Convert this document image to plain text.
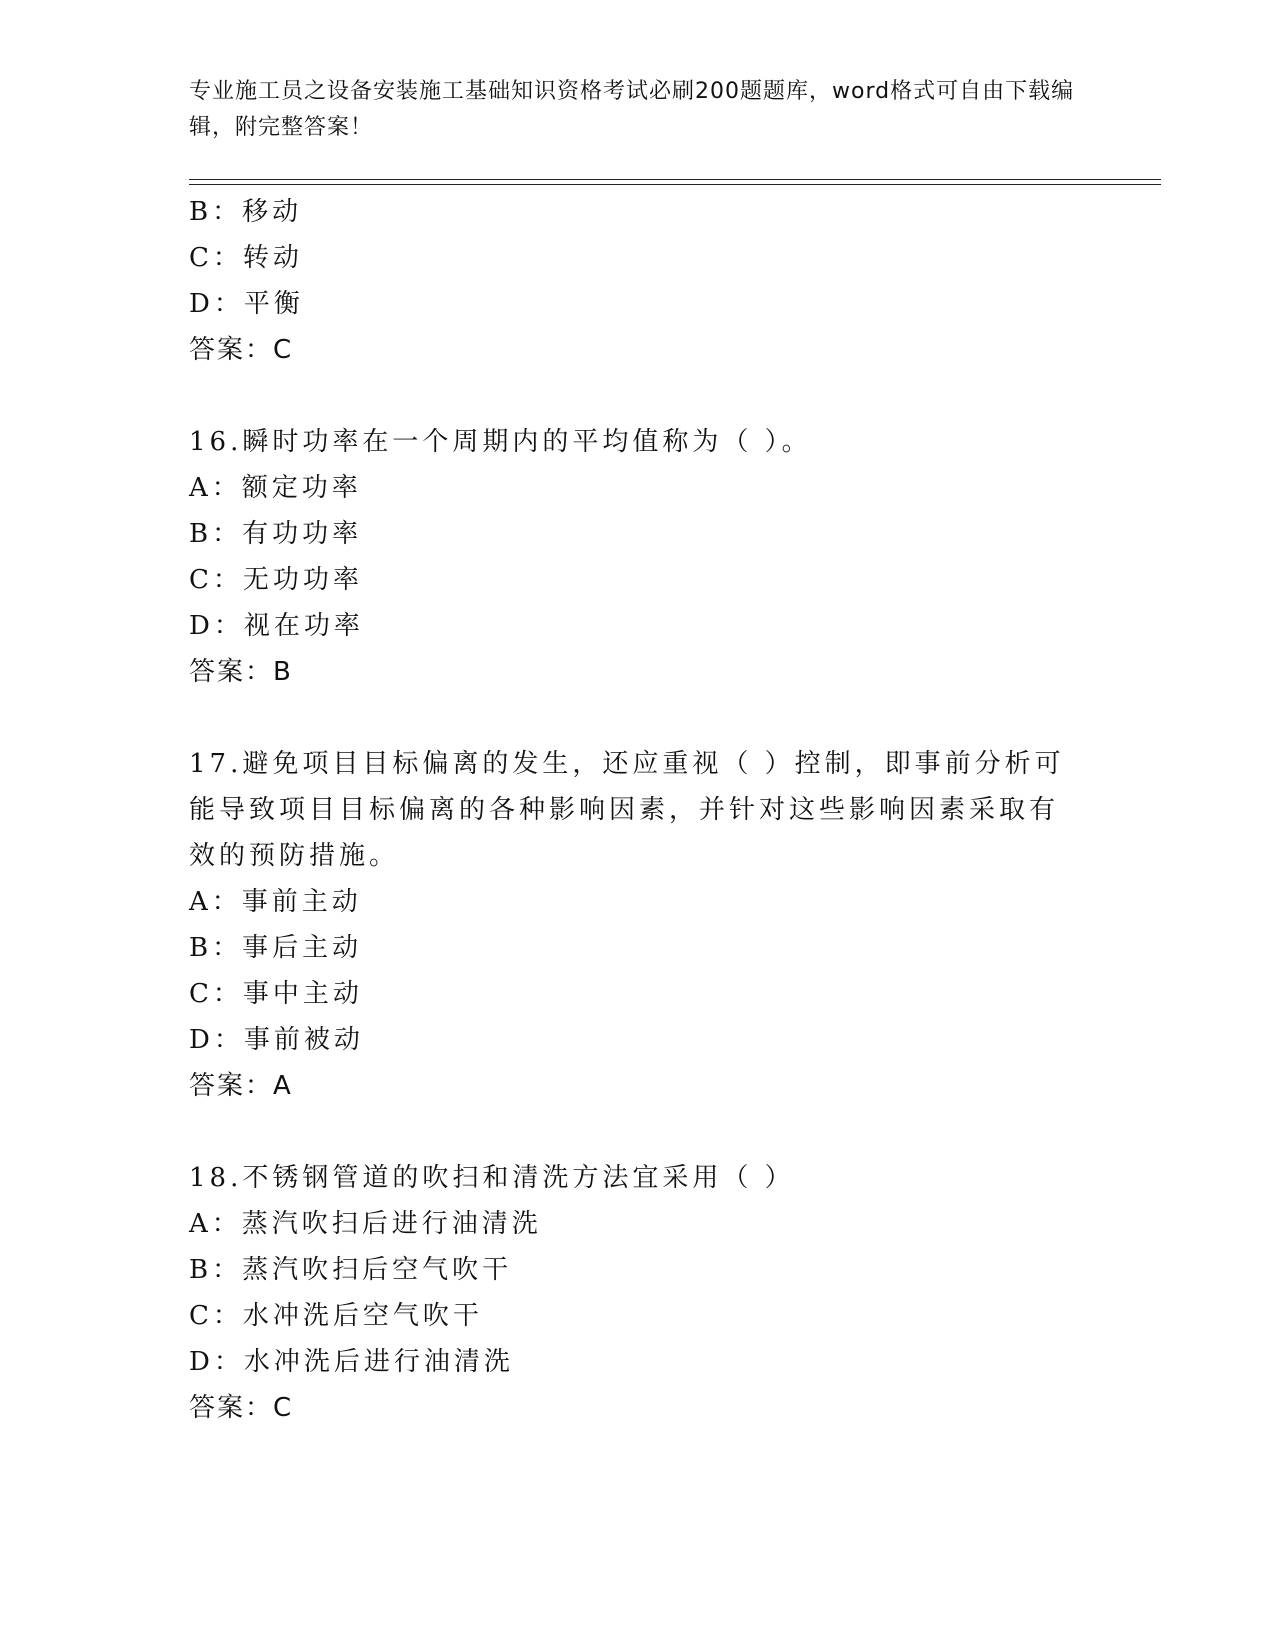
专业施工员之设备安装施工基础知识资格考试必刷200题题库，word格式可自由下载编辑，附完整答案！
B：移动
C：转动
D：平衡
答案：C
16.瞬时功率在一个周期内的平均值称为（ ）。
A：额定功率
B：有功功率
C：无功功率
D：视在功率
答案：B
17.避免项目目标偏离的发生，还应重视（ ）控制，即事前分析可能导致项目目标偏离的各种影响因素，并针对这些影响因素采取有效的预防措施。
A：事前主动
B：事后主动
C：事中主动
D：事前被动
答案：A
18.不锈钢管道的吹扫和清洗方法宜采用（ ）
A：蒸汽吹扫后进行油清洗
B：蒸汽吹扫后空气吹干
C：水冲洗后空气吹干
D：水冲洗后进行油清洗
答案：C
